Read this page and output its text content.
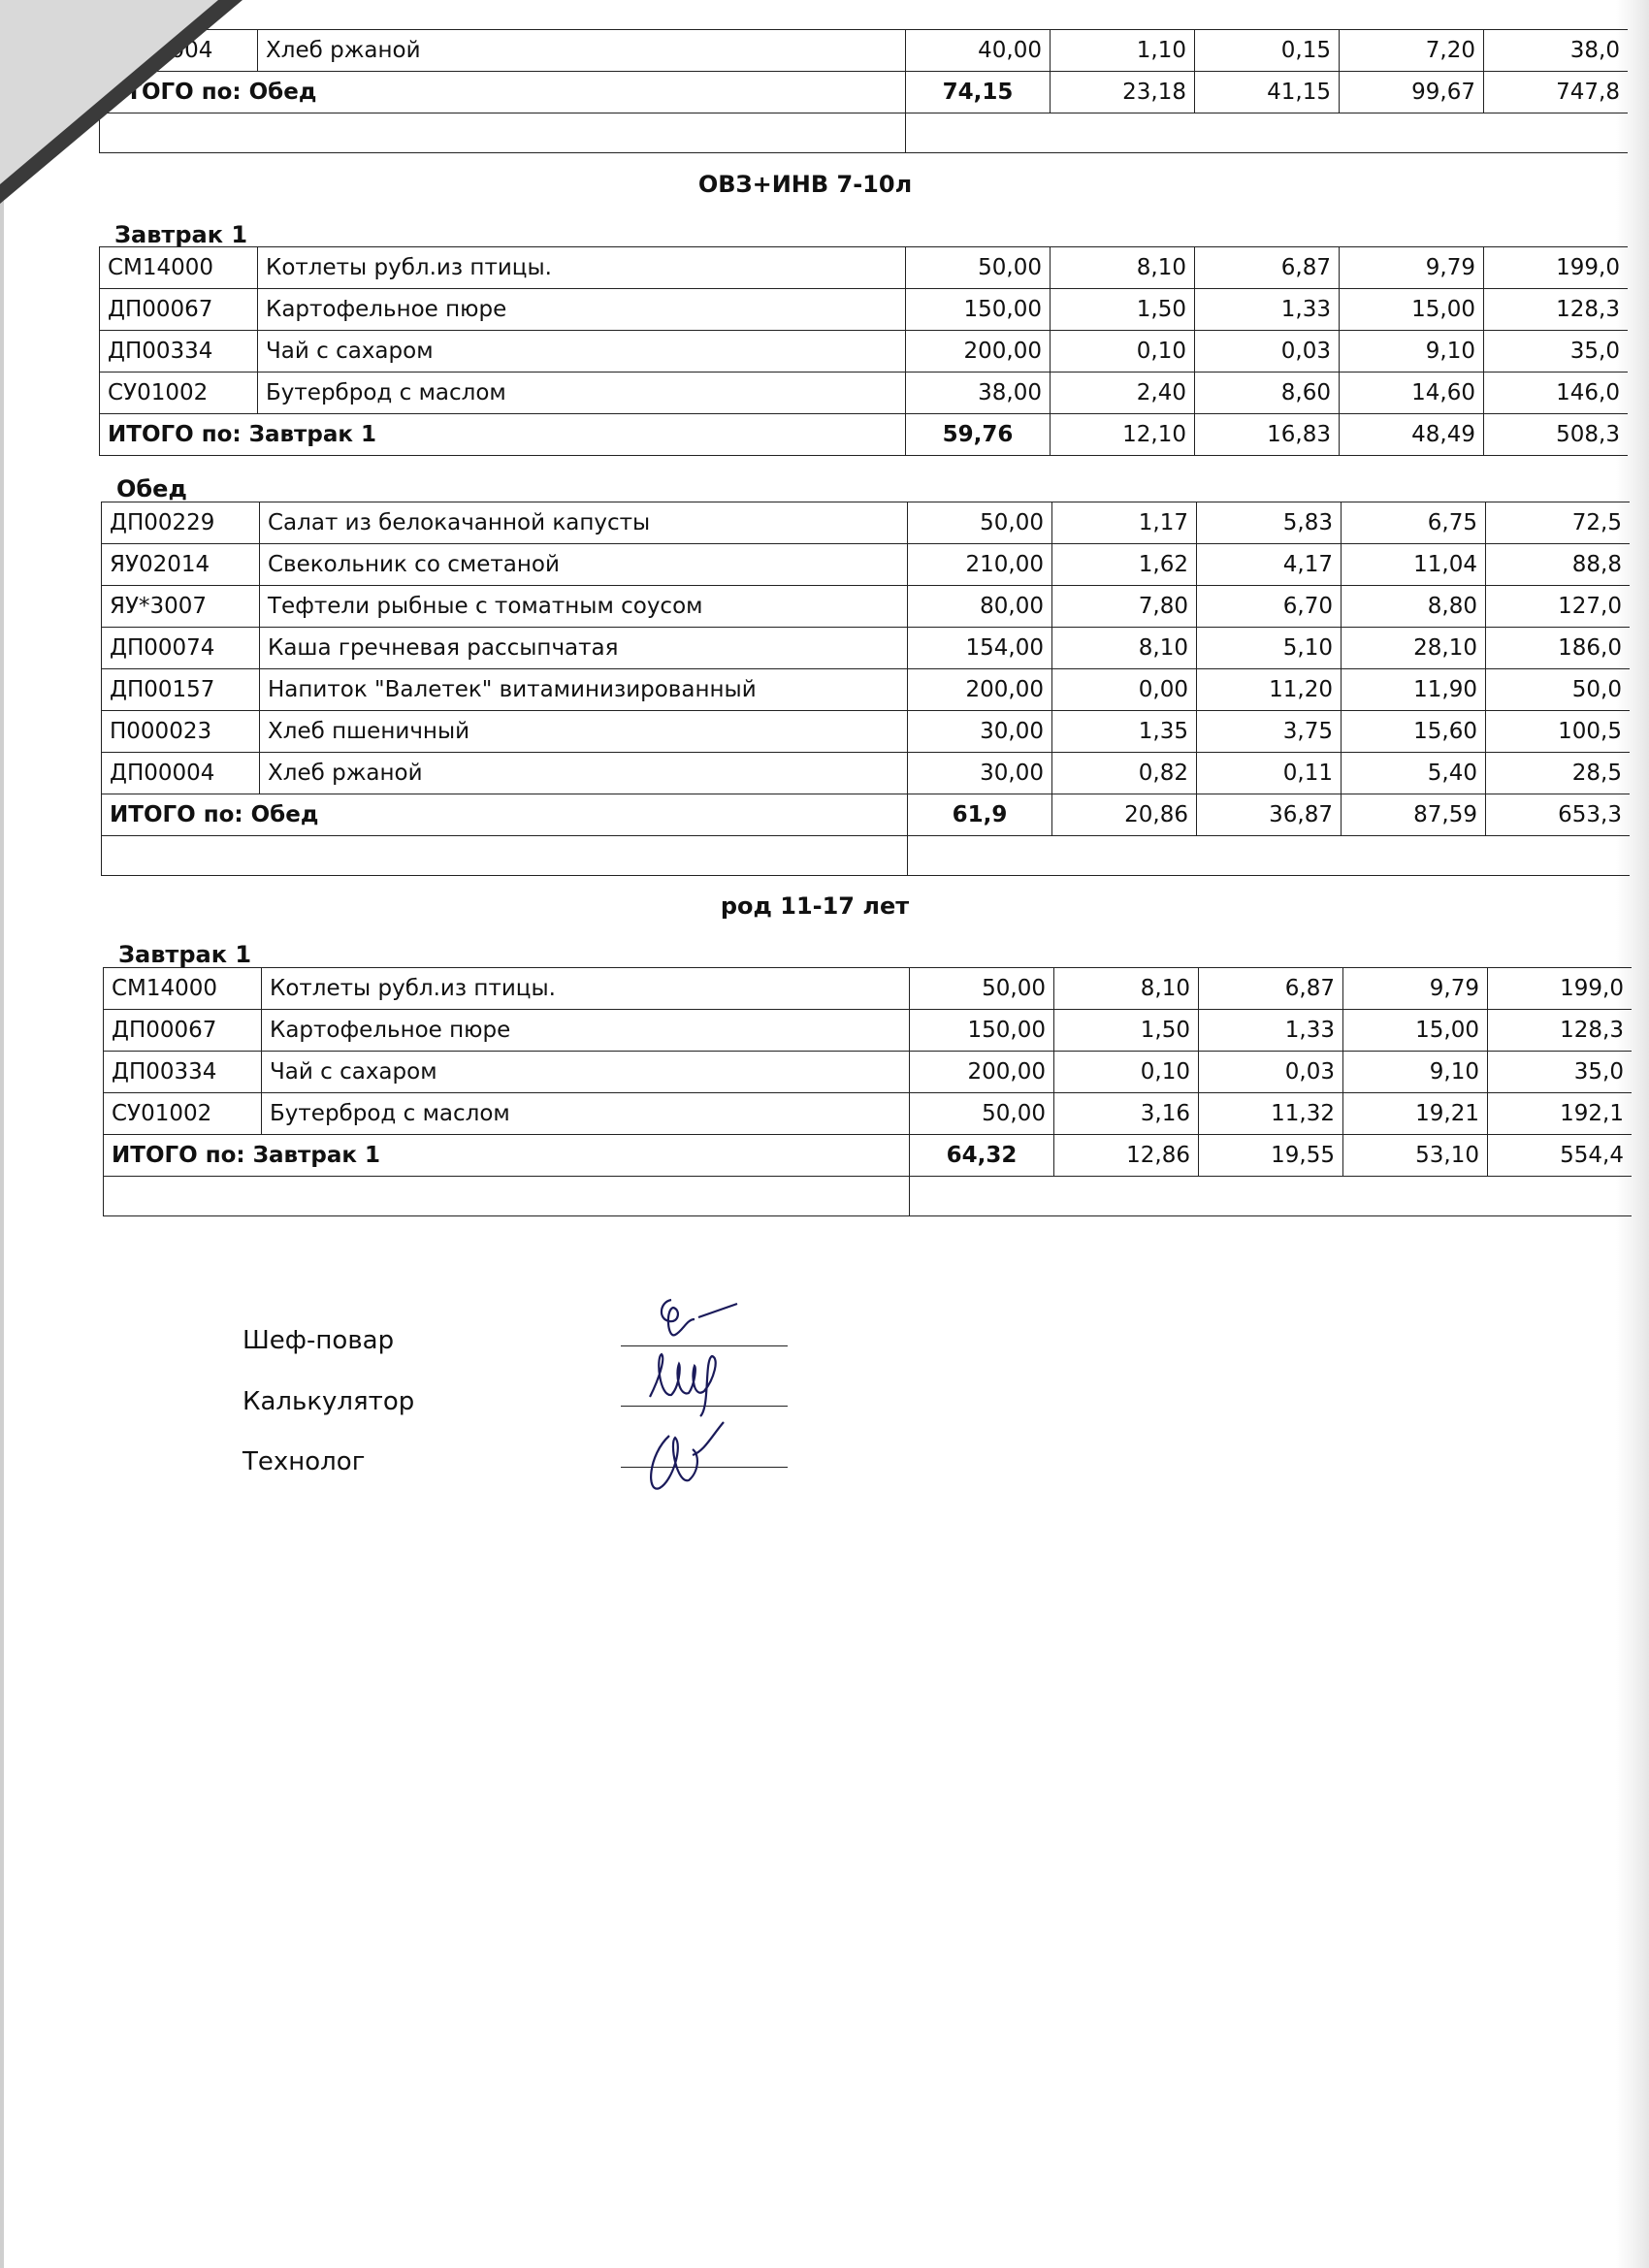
ДП00004	Хлеб ржаной	40,00	1,10	0,15	7,20	38,0
ИТОГО по: Обед		74,15	23,18	41,15	99,67	747,8

ОВЗ+ИНВ 7-10л
Завтрак 1
СМ14000	Котлеты рубл.из птицы.	50,00	8,10	6,87	9,79	199,0
ДП00067	Картофельное пюре	150,00	1,50	1,33	15,00	128,3
ДП00334	Чай с сахаром	200,00	0,10	0,03	9,10	35,0
СУ01002	Бутерброд с маслом	38,00	2,40	8,60	14,60	146,0
ИТОГО по: Завтрак 1		59,76	12,10	16,83	48,49	508,3
Обед
ДП00229	Салат из белокачанной капусты	50,00	1,17	5,83	6,75	72,5
ЯУ02014	Свекольник со сметаной	210,00	1,62	4,17	11,04	88,8
ЯУ*3007	Тефтели рыбные с томатным соусом	80,00	7,80	6,70	8,80	127,0
ДП00074	Каша гречневая рассыпчатая	154,00	8,10	5,10	28,10	186,0
ДП00157	Напиток "Валетек" витаминизированный	200,00	0,00	11,20	11,90	50,0
П000023	Хлеб пшеничный	30,00	1,35	3,75	15,60	100,5
ДП00004	Хлеб ржаной	30,00	0,82	0,11	5,40	28,5
ИТОГО по: Обед		61,9	20,86	36,87	87,59	653,3

род 11-17 лет
Завтрак 1
СМ14000	Котлеты рубл.из птицы.	50,00	8,10	6,87	9,79	199,0
ДП00067	Картофельное пюре	150,00	1,50	1,33	15,00	128,3
ДП00334	Чай с сахаром	200,00	0,10	0,03	9,10	35,0
СУ01002	Бутерброд с маслом	50,00	3,16	11,32	19,21	192,1
ИТОГО по: Завтрак 1		64,32	12,86	19,55	53,10	554,4

Шеф-повар
Калькулятор
Технолог
